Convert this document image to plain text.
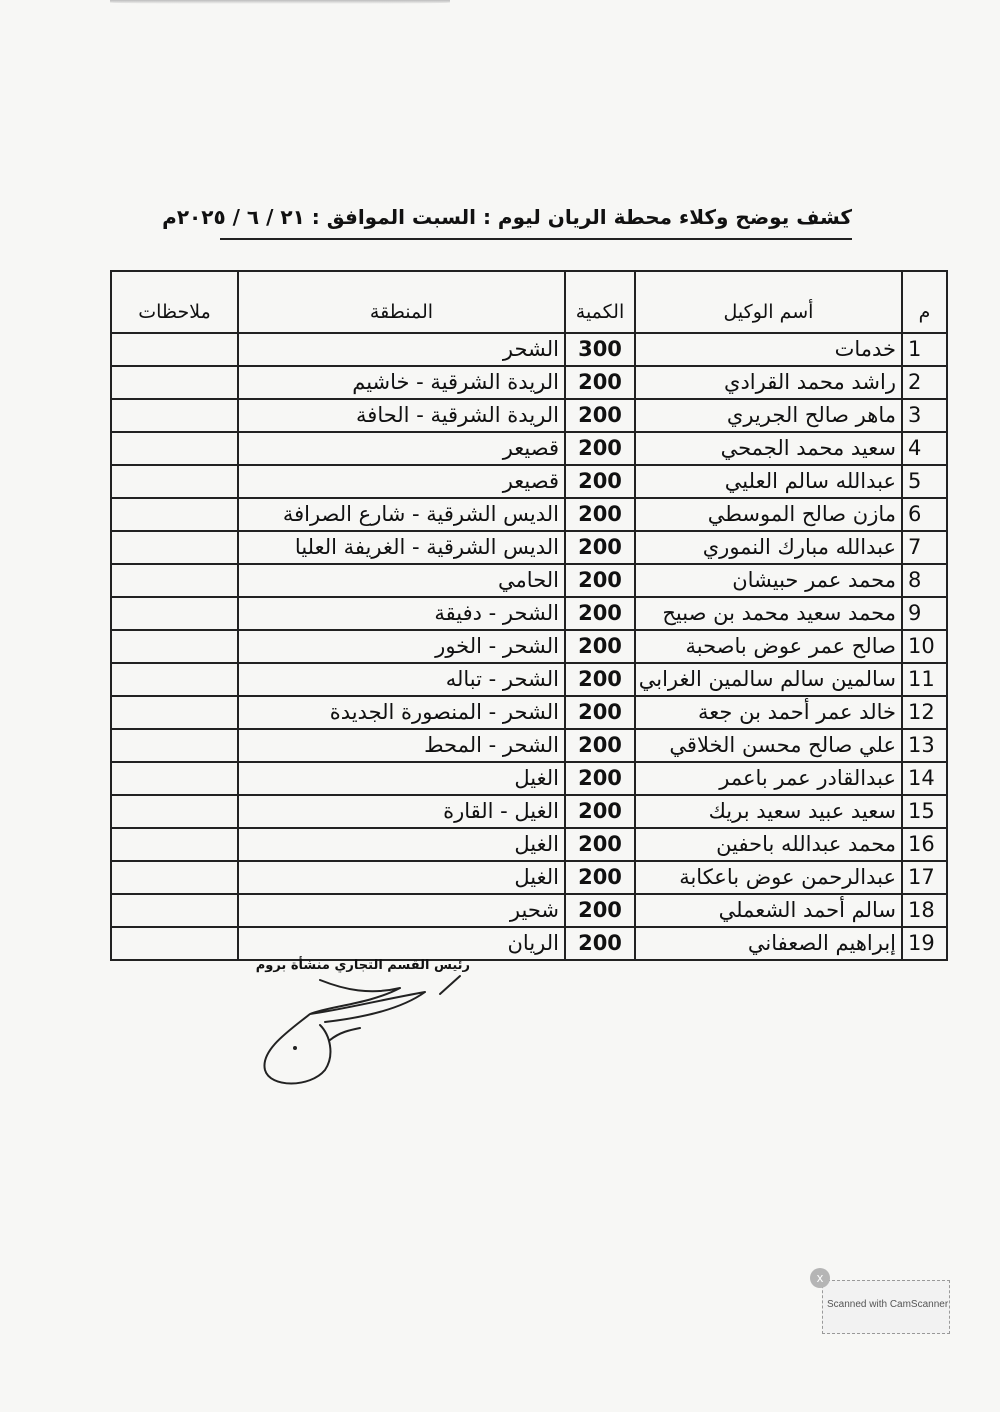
كشف يوضح وكلاء محطة الريان ليوم : السبت الموافق : ٢١ / ٦ / ٢٠٢٥م
م	أسم الوكيل	الكمية	المنطقة	ملاحظات
1	خدمات	300	الشحر	
2	راشد محمد القرادي	200	الريدة الشرقية - خاشيم	
3	ماهر صالح الجريري	200	الريدة الشرقية - الحافة	
4	سعيد محمد الجمحي	200	قصيعر	
5	عبدالله سالم العليي	200	قصيعر	
6	مازن صالح الموسطي	200	الديس الشرقية - شارع الصرافة	
7	عبدالله مبارك النموري	200	الديس الشرقية - الغريفة العليا	
8	محمد عمر حبيشان	200	الحامي	
9	محمد سعيد محمد بن صبيح	200	الشحر - دفيقة	
10	صالح عمر عوض باصحبة	200	الشحر - الخور	
11	سالمين سالم سالمين الغرابي	200	الشحر - تباله	
12	خالد عمر أحمد بن جعة	200	الشحر - المنصورة الجديدة	
13	علي صالح محسن الخلاقي	200	الشحر - المحط	
14	عبدالقادر عمر باعمر	200	الغيل	
15	سعيد عبيد سعيد بريك	200	الغيل - القارة	
16	محمد عبدالله باحفين	200	الغيل	
17	عبدالرحمن عوض باعكابة	200	الغيل	
18	سالم أحمد الشعملي	200	شحير	
19	إبراهيم الصعفاني	200	الريان	
رئيس القسم التجاري منشأة بروم
Scanned with CamScanner
x
